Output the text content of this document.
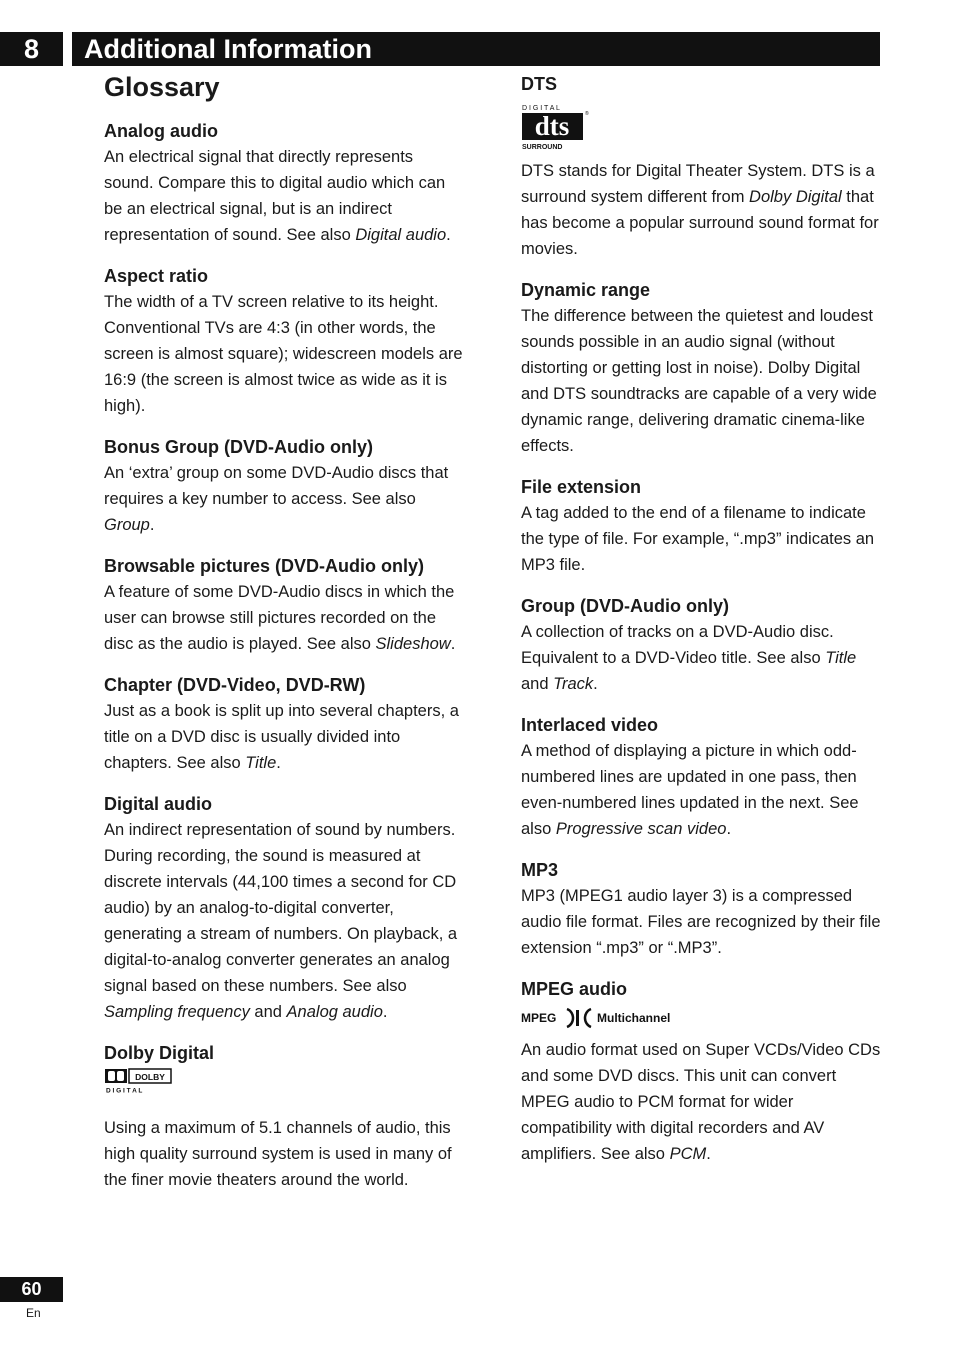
8	Additional Information
Glossary
Analog audio

An electrical signal that directly represents sound. Compare this to digital audio which can be an electrical signal, but is an indirect representation of sound. See also Digital audio.

Aspect ratio

The width of a TV screen relative to its height. Conventional TVs are 4:3 (in other words, the screen is almost square); widescreen models are 16:9 (the screen is almost twice as wide as it is high).

Bonus Group (DVD-Audio only)

An ‘extra’ group on some DVD-Audio discs that requires a key number to access. See also Group.

Browsable pictures (DVD-Audio only)

A feature of some DVD-Audio discs in which the user can browse still pictures recorded on the disc as the audio is played. See also Slideshow.

Chapter (DVD-Video, DVD-RW)

Just as a book is split up into several chapters, a title on a DVD disc is usually divided into chapters. See also Title.

Digital audio

An indirect representation of sound by numbers. During recording, the sound is measured at discrete intervals (44,100 times a second for CD audio) by an analog-to-digital converter, generating a stream of numbers. On playback, a digital-to-analog converter generates an analog signal based on these numbers. See also Sampling frequency and Analog audio.

Dolby Digital
DOLBY
D I G I T A L

Using a maximum of 5.1 channels of audio, this high quality surround system is used in many of the finer movie theaters around the world.

DTS
D I G I T A L
dts	®
SURROUND

DTS stands for Digital Theater System. DTS is a surround system different from Dolby Digital that has become a popular surround sound format for movies.

Dynamic range

The difference between the quietest and loudest sounds possible in an audio signal (without distorting or getting lost in noise). Dolby Digital and DTS soundtracks are capable of a very wide dynamic range, delivering dramatic cinema-like effects.

File extension

A tag added to the end of a filename to indicate the type of file. For example, “.mp3” indicates an MP3 file.

Group (DVD-Audio only)

A collection of tracks on a DVD-Audio disc. Equivalent to a DVD-Video title. See also Title and Track.

Interlaced video

A method of displaying a picture in which odd-numbered lines are updated in one pass, then even-numbered lines updated in the next. See also Progressive scan video.

MP3

MP3 (MPEG1 audio layer 3) is a compressed audio file format. Files are recognized by their file extension “.mp3” or “.MP3”.

MPEG audio
MPEG	Multichannel

An audio format used on Super VCDs/Video CDs and some DVD discs. This unit can convert MPEG audio to PCM format for wider compatibility with digital recorders and AV amplifiers. See also PCM.

60
En
